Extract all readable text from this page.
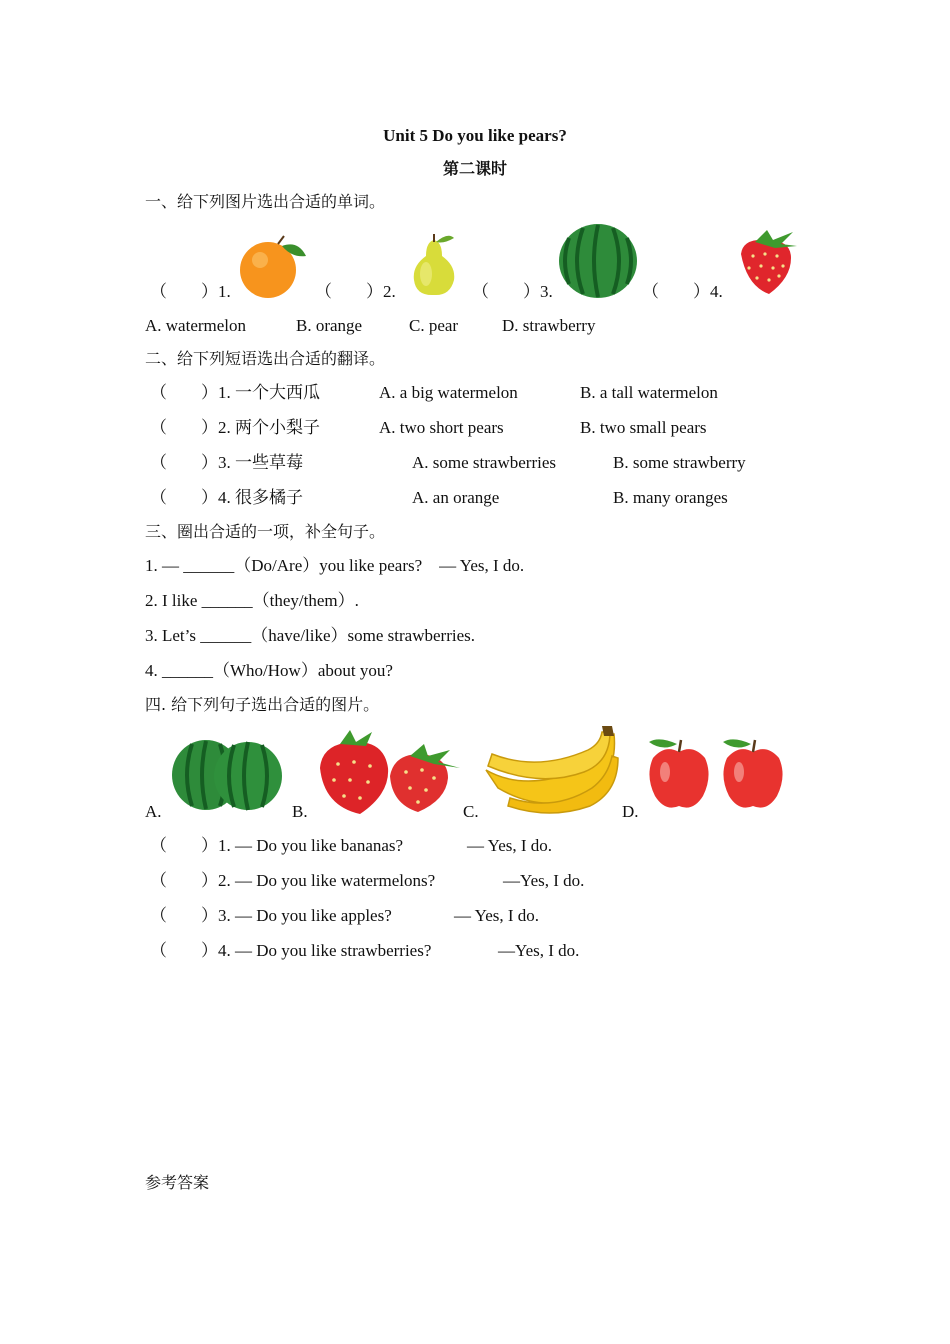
Unit 5 Do you like pears?
第二课时
一、给下列图片选出合适的单词。
（　　）1.	（　　）2.	（　　）3.	（　　）4.
A. watermelon	B. orange	C. pear	D. strawberry
二、给下列短语选出合适的翻译。
（　　）1. 一个大西瓜	A. a big watermelon	B. a tall watermelon
（　　）2. 两个小梨子	A. two short pears	B. two small pears
（　　）3. 一些草莓	A. some strawberries	B. some strawberry
（　　）4. 很多橘子	A. an orange	B. many oranges
三、圈出合适的一项，补全句子。
1. — ______（Do/Are）you like pears?　— Yes, I do.
2. I like ______（they/them）.
3. Let’s ______（have/like）some strawberries.
4. ______（Who/How）about you?
四. 给下列句子选出合适的图片。
A.	B.	C.	D.
（　　）1. — Do you like bananas?	— Yes, I do.
（　　）2. — Do you like watermelons?	—Yes, I do.
（　　）3. — Do you like apples?	— Yes, I do.
（　　）4. — Do you like strawberries?	—Yes, I do.
参考答案
